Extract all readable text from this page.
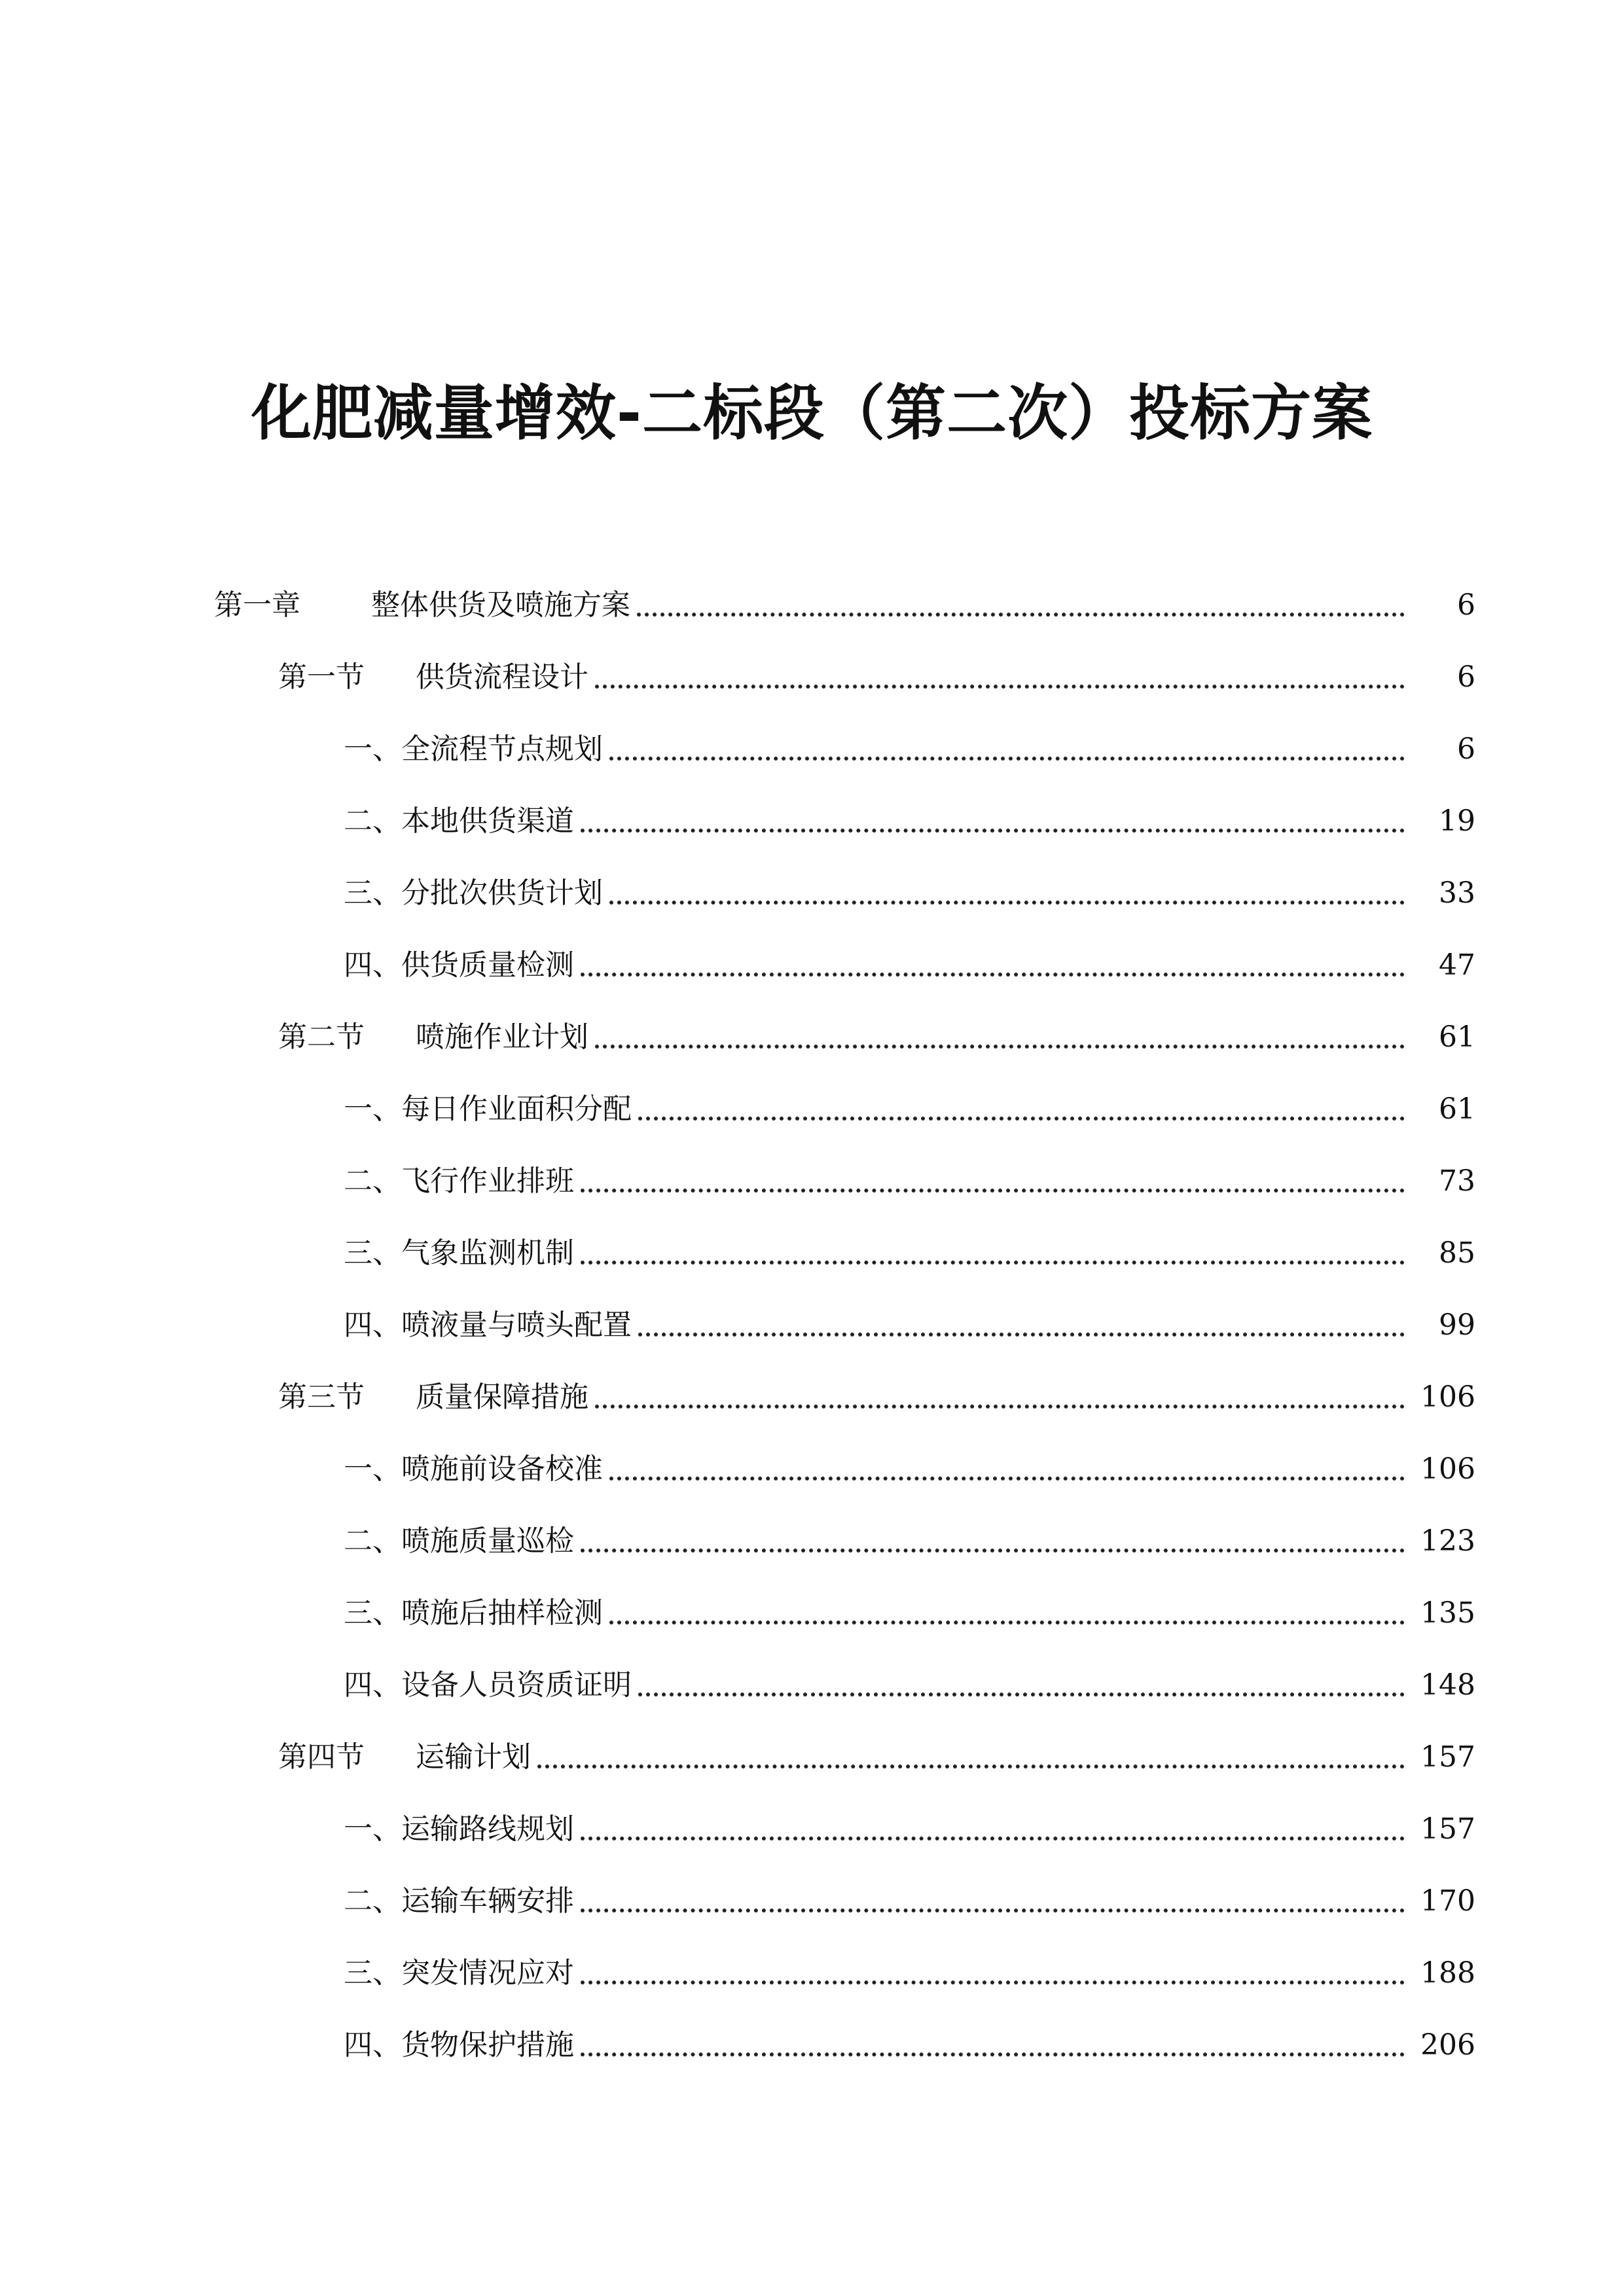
化肥减量增效-二标段（第二次）投标方案
第一章 整体供货及喷施方案	6
第一节 供货流程设计	6
一、全流程节点规划	6
二、本地供货渠道	19
三、分批次供货计划	33
四、供货质量检测	47
第二节 喷施作业计划	61
一、每日作业面积分配	61
二、飞行作业排班	73
三、气象监测机制	85
四、喷液量与喷头配置	99
第三节 质量保障措施	106
一、喷施前设备校准	106
二、喷施质量巡检	123
三、喷施后抽样检测	135
四、设备人员资质证明	148
第四节 运输计划	157
一、运输路线规划	157
二、运输车辆安排	170
三、突发情况应对	188
四、货物保护措施	206
